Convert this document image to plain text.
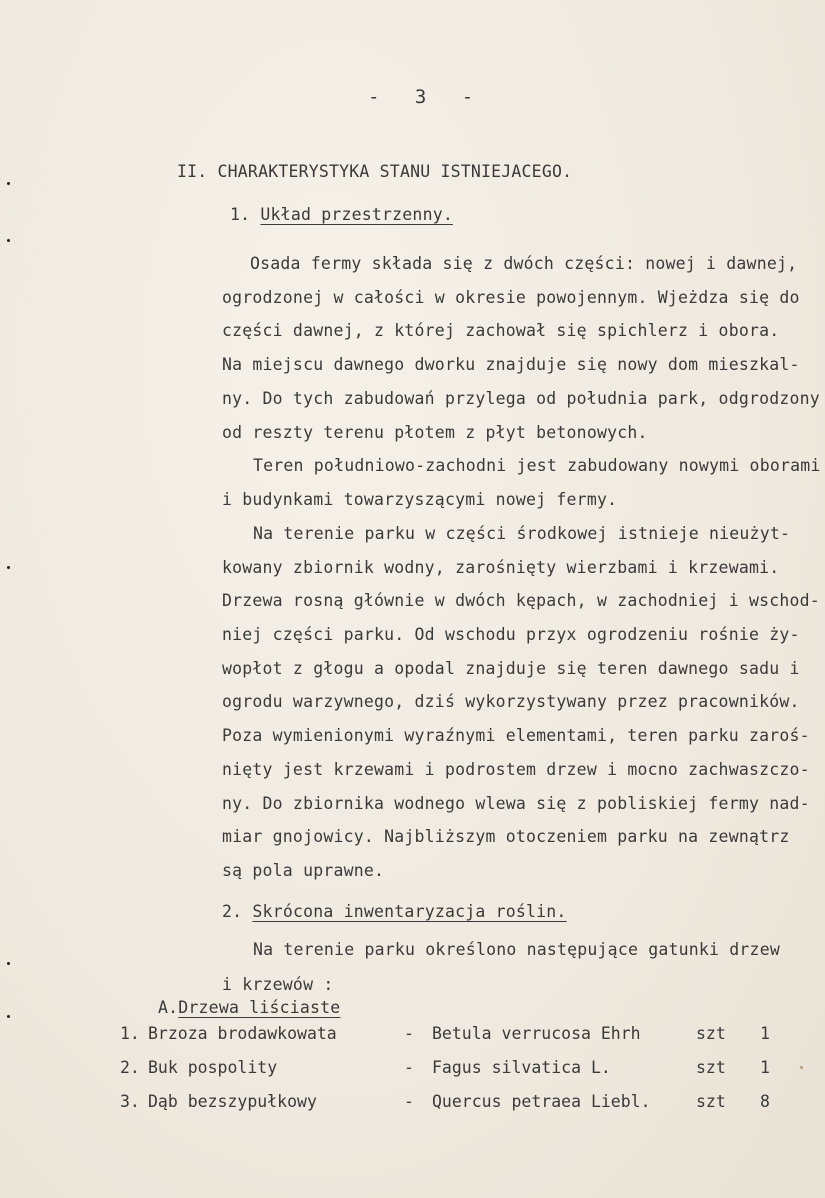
- 3 -
II. CHARAKTERYSTYKA STANU ISTNIEJACEGO.
1. Układ przestrzenny.
Osada fermy składa się z dwóch części: nowej i dawnej,
ogrodzonej w całości w okresie powojennym. Wjeżdza się do
części dawnej, z której zachował się spichlerz i obora.
Na miejscu dawnego dworku znajduje się nowy dom mieszkal-
ny. Do tych zabudowań przylega od południa park, odgrodzony
od reszty terenu płotem z płyt betonowych.
Teren południowo-zachodni jest zabudowany nowymi oborami
i budynkami towarzyszącymi nowej fermy.
Na terenie parku w części środkowej istnieje nieużyt-
kowany zbiornik wodny, zarośnięty wierzbami i krzewami.
Drzewa rosną głównie w dwóch kępach, w zachodniej i wschod-
niej części parku. Od wschodu przyx ogrodzeniu rośnie ży-
wopłot z głogu a opodal znajduje się teren dawnego sadu i
ogrodu warzywnego, dziś wykorzystywany przez pracowników.
Poza wymienionymi wyraźnymi elementami, teren parku zaroś-
nięty jest krzewami i podrostem drzew i mocno zachwaszczo-
ny. Do zbiornika wodnego wlewa się z pobliskiej fermy nad-
miar gnojowicy. Najbliższym otoczeniem parku na zewnątrz
są pola uprawne.
2. Skrócona inwentaryzacja roślin.
Na terenie parku określono następujące gatunki drzew
i krzewów :
A.Drzewa liściaste
1. Brzoza brodawkowata	- Betula verrucosa Ehrh	szt 1
2. Buk pospolity	- Fagus silvatica L.	szt 1
3. Dąb bezszypułkowy	- Quercus petraea Liebl.	szt 8
